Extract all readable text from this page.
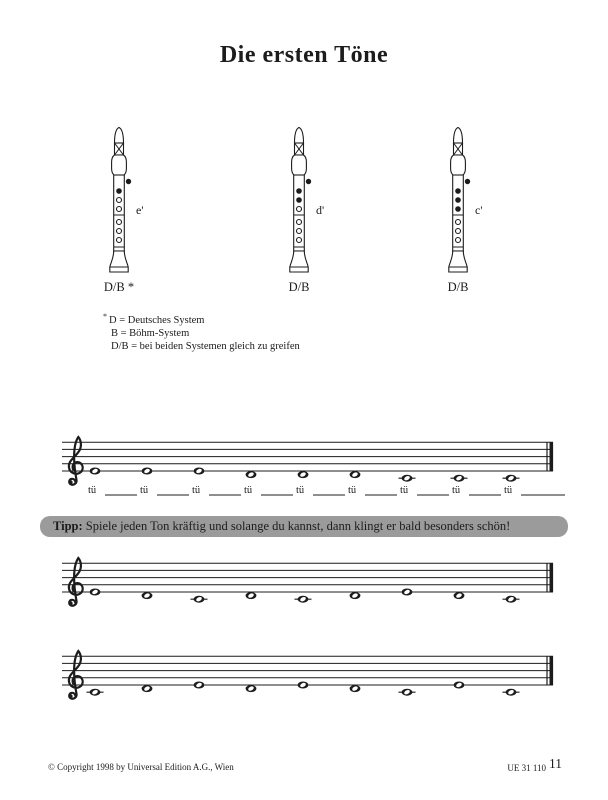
Die ersten Töne
e'
D/B *
d'
D/B
c'
D/B
* D = Deutsches System
B = Böhm-System
D/B = bei beiden Systemen gleich zu greifen
tü	tü	tü	tü	tü	tü	tü	tü	tü
Tipp: Spiele jeden Ton kräftig und solange du kannst, dann klingt er bald besonders schön!
© Copyright 1998 by Universal Edition A.G., Wien	UE 31 110 11
